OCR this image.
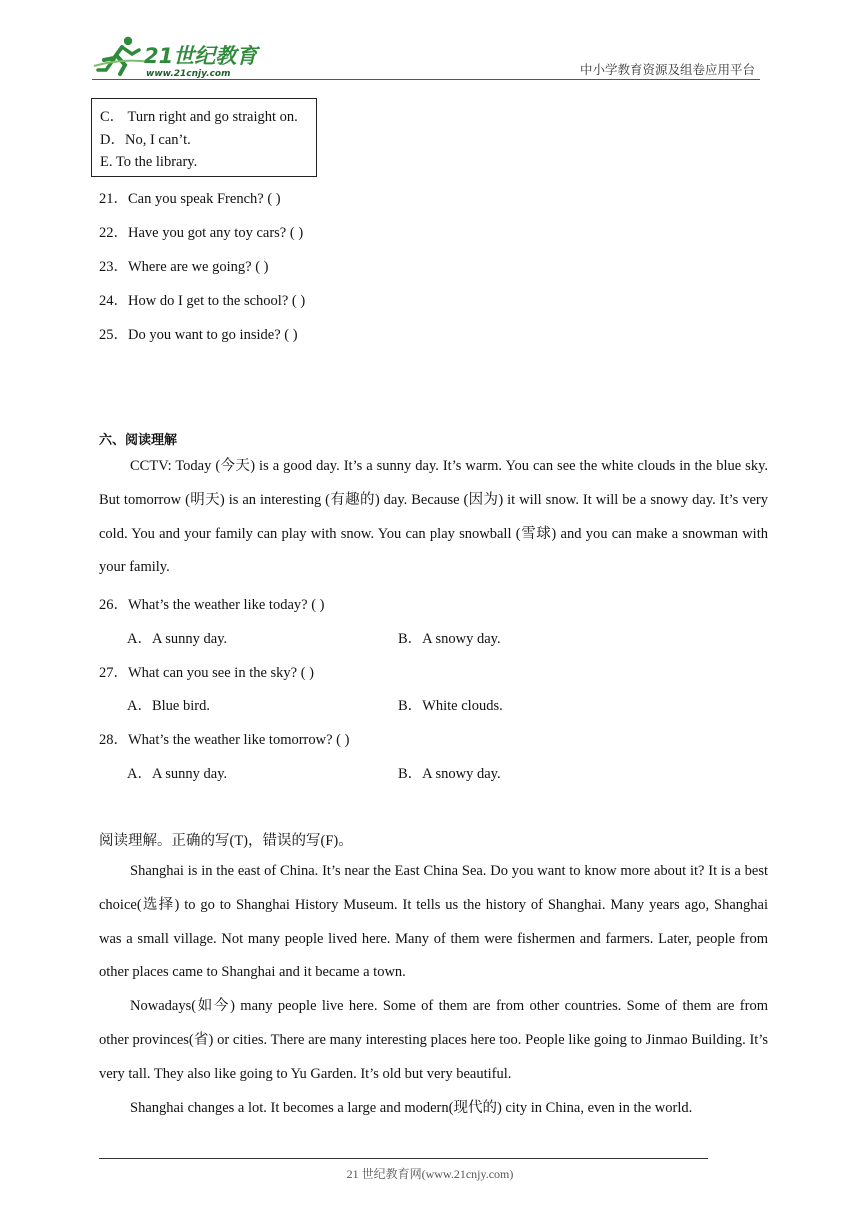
21世纪教育
www.21cnjy.com	中小学教育资源及组卷应用平台
C． Turn right and go straight on.
D．No, I can’t.
E. To the library.
21．Can you speak French? ( )
22．Have you got any toy cars? ( )
23．Where are we going? ( )
24．How do I get to the school? ( )
25．Do you want to go inside? ( )
六、阅读理解

CCTV: Today (今天) is a good day. It’s a sunny day. It’s warm. You can see the white clouds in the blue sky. But tomorrow (明天) is an interesting (有趣的) day. Because (因为) it will snow. It will be a snowy day. It’s very cold. You and your family can play with snow. You can play snowball (雪球) and you can make a snowman with your family.

26．What’s the weather like today? ( )
A．A sunny day.	B．A snowy day.
27．What can you see in the sky? ( )
A．Blue bird.	B．White clouds.
28．What’s the weather like tomorrow? ( )
A．A sunny day.	B．A snowy day.
阅读理解。正确的写(T)，错误的写(F)。

Shanghai is in the east of China. It’s near the East China Sea. Do you want to know more about it? It is a best choice(选择) to go to Shanghai History Museum. It tells us the history of Shanghai. Many years ago, Shanghai was a small village. Not many people lived here. Many of them were fishermen and farmers. Later, people from other places came to Shanghai and it became a town.

Nowadays(如今) many people live here. Some of them are from other countries. Some of them are from other provinces(省) or cities. There are many interesting places here too. People like going to Jinmao Building. It’s very tall. They also like going to Yu Garden. It’s old but very beautiful.

Shanghai changes a lot. It becomes a large and modern(现代的) city in China, even in the world.

21 世纪教育网(www.21cnjy.com)
